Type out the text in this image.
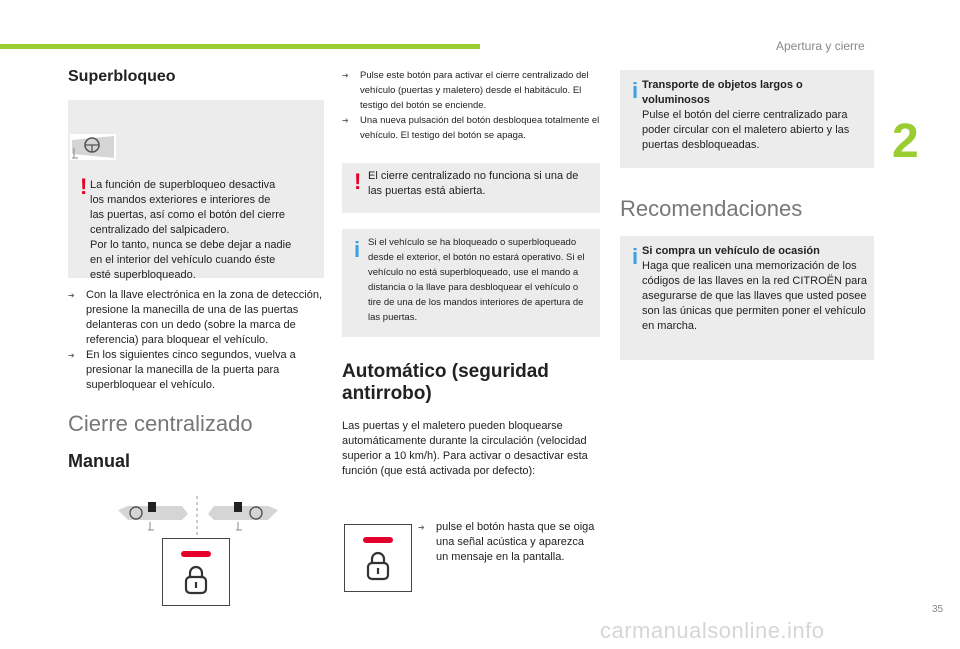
Apertura y cierre
2
35
carmanualsonline.info
Superbloqueo
! La función de superbloqueo desactiva
los mandos exteriores e interiores de
las puertas, así como el botón del cierre
centralizado del salpicadero.
Por lo tanto, nunca se debe dejar a nadie
en el interior del vehículo cuando éste
esté superbloqueado.
➔ Con la llave electrónica en la zona de detección, presione la manecilla de una de las puertas delanteras con un dedo (sobre la marca de referencia) para bloquear el vehículo.
➔ En los siguientes cinco segundos, vuelva a presionar la manecilla de la puerta para superbloquear el vehículo.
Cierre centralizado
Manual
➔ Pulse este botón para activar el cierre centralizado del vehículo (puertas y maletero) desde el habitáculo. El testigo del botón se enciende.
➔ Una nueva pulsación del botón desbloquea totalmente el vehículo. El testigo del botón se apaga.
! El cierre centralizado no funciona si una de las puertas está abierta.
i Si el vehículo se ha bloqueado o superbloqueado desde el exterior, el botón no estará operativo. Si el vehículo no está superbloqueado, use el mando a distancia o la llave para desbloquear el vehículo o tire de una de los mandos interiores de apertura de las puertas.
Automático (seguridad
antirrobo)

Las puertas y el maletero pueden bloquearse automáticamente durante la circulación (velocidad superior a 10 km/h). Para activar o desactivar esta función (que está activada por defecto):

➔ pulse el botón hasta que se oiga una señal acústica y aparezca un mensaje en la pantalla.
i Transporte de objetos largos o voluminosos
Pulse el botón del cierre centralizado para poder circular con el maletero abierto y las puertas desbloqueadas.
Recomendaciones
i Si compra un vehículo de ocasión
Haga que realicen una memorización de los códigos de las llaves en la red CITROËN para asegurarse de que las llaves que usted posee son las únicas que permiten poner el vehículo en marcha.
